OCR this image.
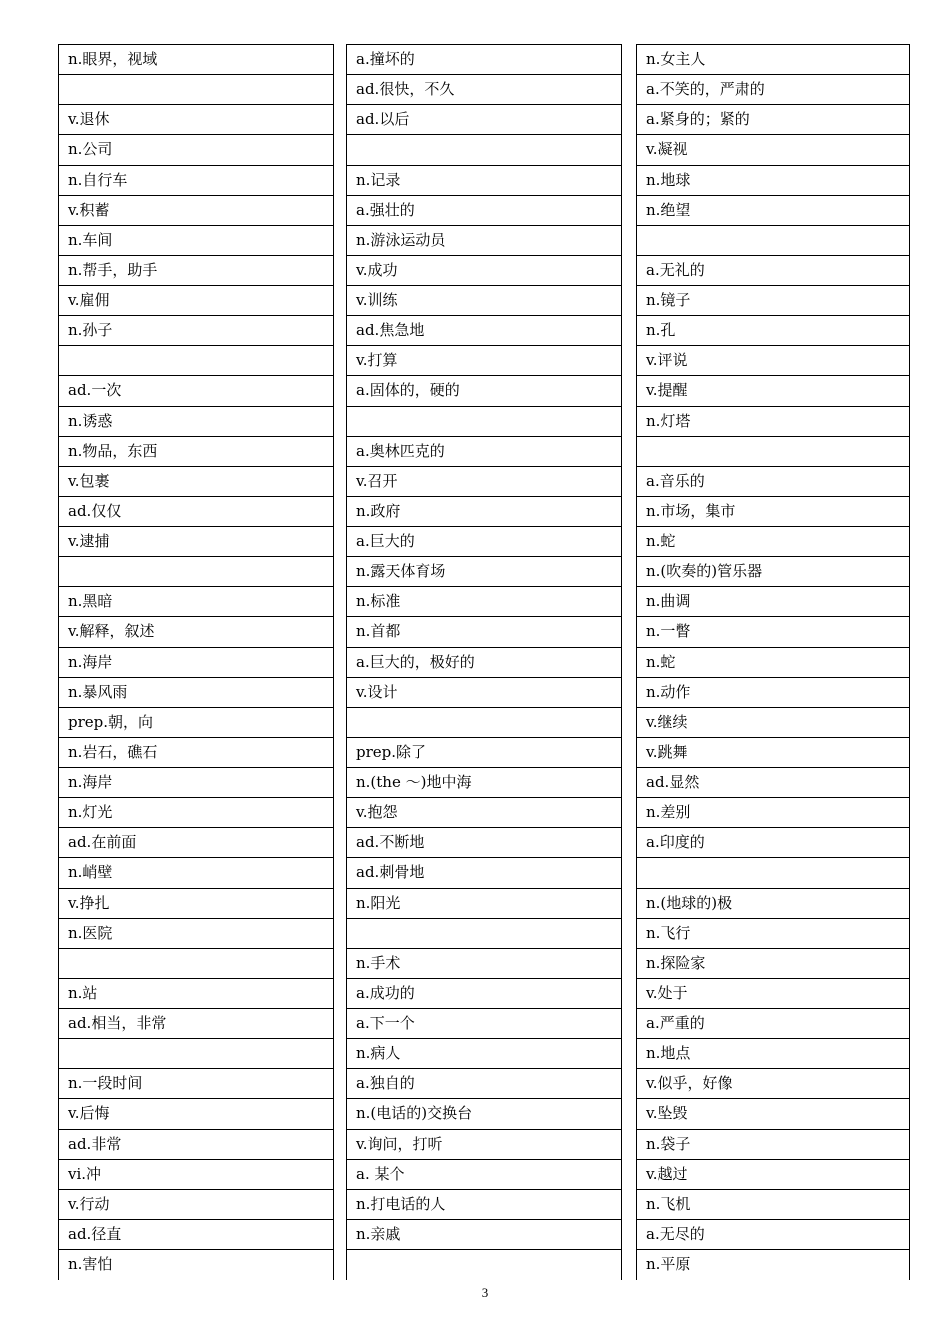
n.眼界，视域
v.退休
n.公司
n.自行车
v.积蓄
n.车间
n.帮手，助手
v.雇佣
n.孙子
ad.一次
n.诱惑
n.物品，东西
v.包裹
ad.仅仅
v.逮捕
n.黑暗
v.解释，叙述
n.海岸
n.暴风雨
prep.朝，向
n.岩石，礁石
n.海岸
n.灯光
ad.在前面
n.峭壁
v.挣扎
n.医院
n.站
ad.相当，非常
n.一段时间
v.后悔
ad.非常
vi.冲
v.行动
ad.径直
n.害怕
a.撞坏的
ad.很快，不久
ad.以后
n.记录
a.强壮的
n.游泳运动员
v.成功
v.训练
ad.焦急地
v.打算
a.固体的，硬的
a.奥林匹克的
v.召开
n.政府
a.巨大的
n.露天体育场
n.标准
n.首都
a.巨大的，极好的
v.设计
prep.除了
n.(the ～)地中海
v.抱怨
ad.不断地
ad.刺骨地
n.阳光
n.手术
a.成功的
a.下一个
n.病人
a.独自的
n.(电话的)交换台
v.询问，打听
a. 某个
n.打电话的人
n.亲戚
n.女主人
a.不笑的，严肃的
a.紧身的；紧的
v.凝视
n.地球
n.绝望
a.无礼的
n.镜子
n.孔
v.评说
v.提醒
n.灯塔
a.音乐的
n.市场，集市
n.蛇
n.(吹奏的)管乐器
n.曲调
n.一瞥
n.蛇
n.动作
v.继续
v.跳舞
ad.显然
n.差别
a.印度的
n.(地球的)极
n.飞行
n.探险家
v.处于
a.严重的
n.地点
v.似乎，好像
v.坠毁
n.袋子
v.越过
n.飞机
a.无尽的
n.平原
3
